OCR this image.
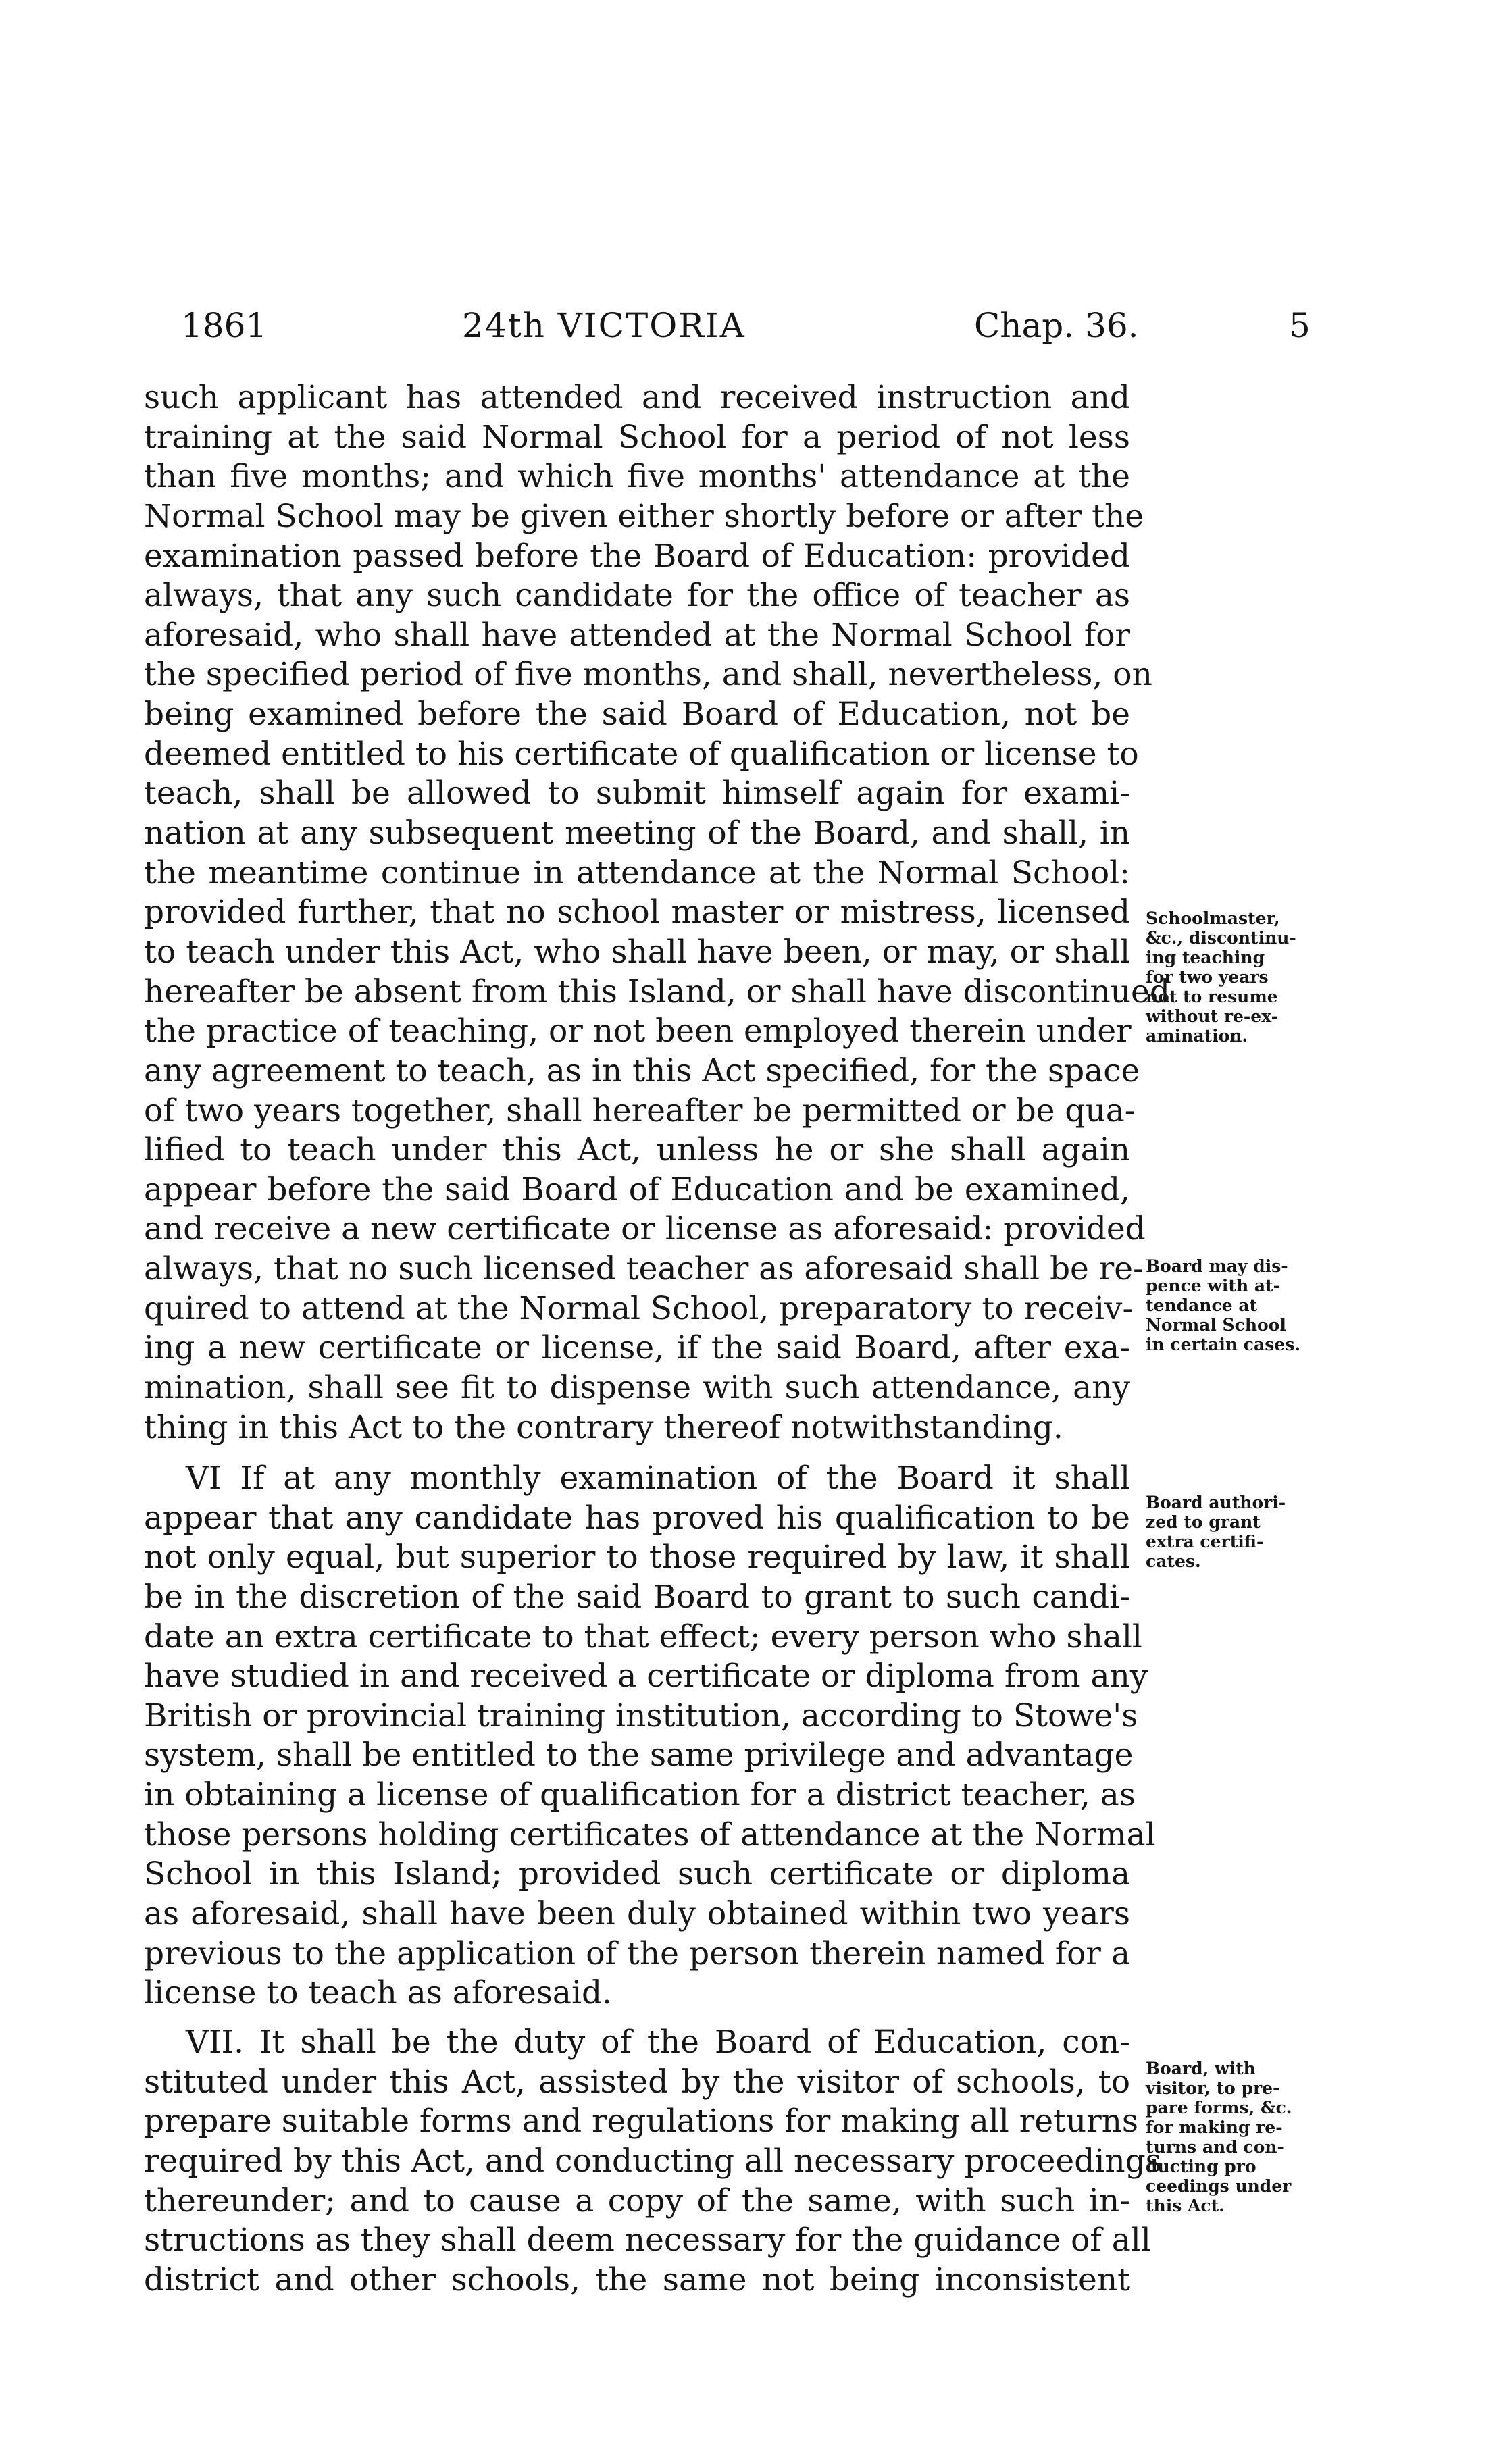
1861	24th VICTORIA	Chap. 36.	5
such applicant has attended and received instruction and
training at the said Normal School for a period of not less
than five months; and which five months' attendance at the
Normal School may be given either shortly before or after the
examination passed before the Board of Education: provided
always, that any such candidate for the office of teacher as
aforesaid, who shall have attended at the Normal School for
the specified period of five months, and shall, nevertheless, on
being examined before the said Board of Education, not be
deemed entitled to his certificate of qualification or license to
teach, shall be allowed to submit himself again for exami-
nation at any subsequent meeting of the Board, and shall, in
the meantime continue in attendance at the Normal School:
provided further, that no school master or mistress, licensed
to teach under this Act, who shall have been, or may, or shall
hereafter be absent from this Island, or shall have discontinued
the practice of teaching, or not been employed therein under
any agreement to teach, as in this Act specified, for the space
of two years together, shall hereafter be permitted or be qua-
lified to teach under this Act, unless he or she shall again
appear before the said Board of Education and be examined,
and receive a new certificate or license as aforesaid: provided
always, that no such licensed teacher as aforesaid shall be re-
quired to attend at the Normal School, preparatory to receiv-
ing a new certificate or license, if the said Board, after exa-
mination, shall see fit to dispense with such attendance, any
thing in this Act to the contrary thereof notwithstanding.
VI If at any monthly examination of the Board it shall
appear that any candidate has proved his qualification to be
not only equal, but superior to those required by law, it shall
be in the discretion of the said Board to grant to such candi-
date an extra certificate to that effect; every person who shall
have studied in and received a certificate or diploma from any
British or provincial training institution, according to Stowe's
system, shall be entitled to the same privilege and advantage
in obtaining a license of qualification for a district teacher, as
those persons holding certificates of attendance at the Normal
School in this Island; provided such certificate or diploma
as aforesaid, shall have been duly obtained within two years
previous to the application of the person therein named for a
license to teach as aforesaid.
VII. It shall be the duty of the Board of Education, con-
stituted under this Act, assisted by the visitor of schools, to
prepare suitable forms and regulations for making all returns
required by this Act, and conducting all necessary proceedings
thereunder; and to cause a copy of the same, with such in-
structions as they shall deem necessary for the guidance of all
district and other schools, the same not being inconsistent
Schoolmaster,
&c., discontinu-
ing teaching
for two years
not to resume
without re-ex-
amination.
Board may dis-
pence with at-
tendance at
Normal School
in certain cases.
Board authori-
zed to grant
extra certifi-
cates.
Board, with
visitor, to pre-
pare forms, &c.
for making re-
turns and con-
ducting pro
ceedings under
this Act.
